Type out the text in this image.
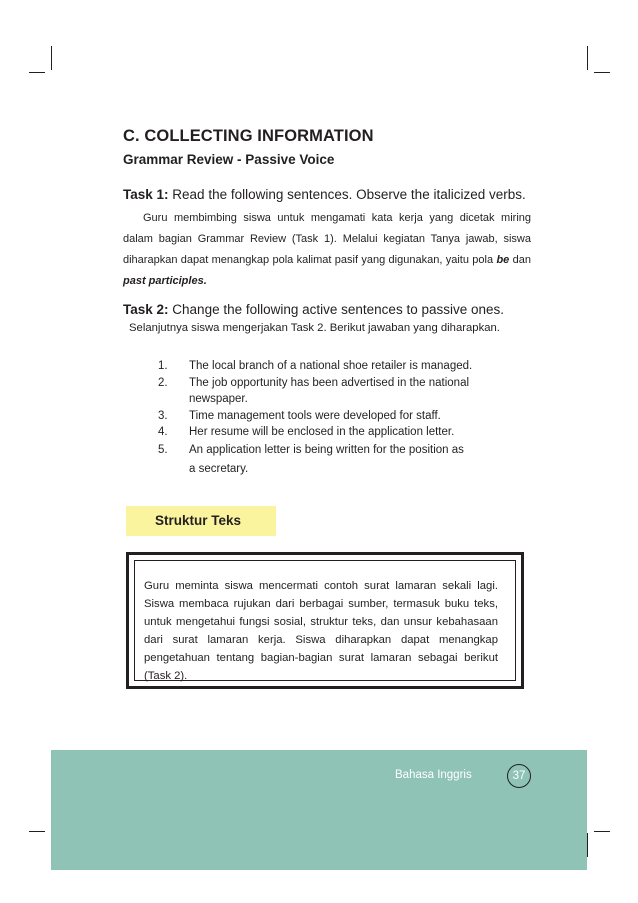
C. COLLECTING INFORMATION
Grammar Review - Passive Voice
Task 1: Read the following sentences. Observe the italicized verbs.
Guru membimbing siswa untuk mengamati kata kerja yang dicetak miring dalam bagian Grammar Review (Task 1). Melalui kegiatan Tanya jawab, siswa diharapkan dapat menangkap pola kalimat pasif yang digunakan, yaitu pola be dan past participles.
Task 2: Change the following active sentences to passive ones.
Selanjutnya siswa mengerjakan Task 2. Berikut jawaban yang diharapkan.
1. The local branch of a national shoe retailer is managed.
2. The job opportunity has been advertised in the national newspaper.
3. Time management tools were developed for staff.
4. Her resume will be enclosed in the application letter.
5. An application letter is being written for the position as a secretary.
Struktur Teks
Guru meminta siswa mencermati contoh surat lamaran sekali lagi. Siswa membaca rujukan dari berbagai sumber, termasuk buku teks, untuk mengetahui fungsi sosial, struktur teks, dan unsur kebahasaan dari surat lamaran kerja. Siswa diharapkan dapat menangkap pengetahuan tentang bagian-bagian surat lamaran sebagai berikut (Task 2).
Bahasa Inggris	37
